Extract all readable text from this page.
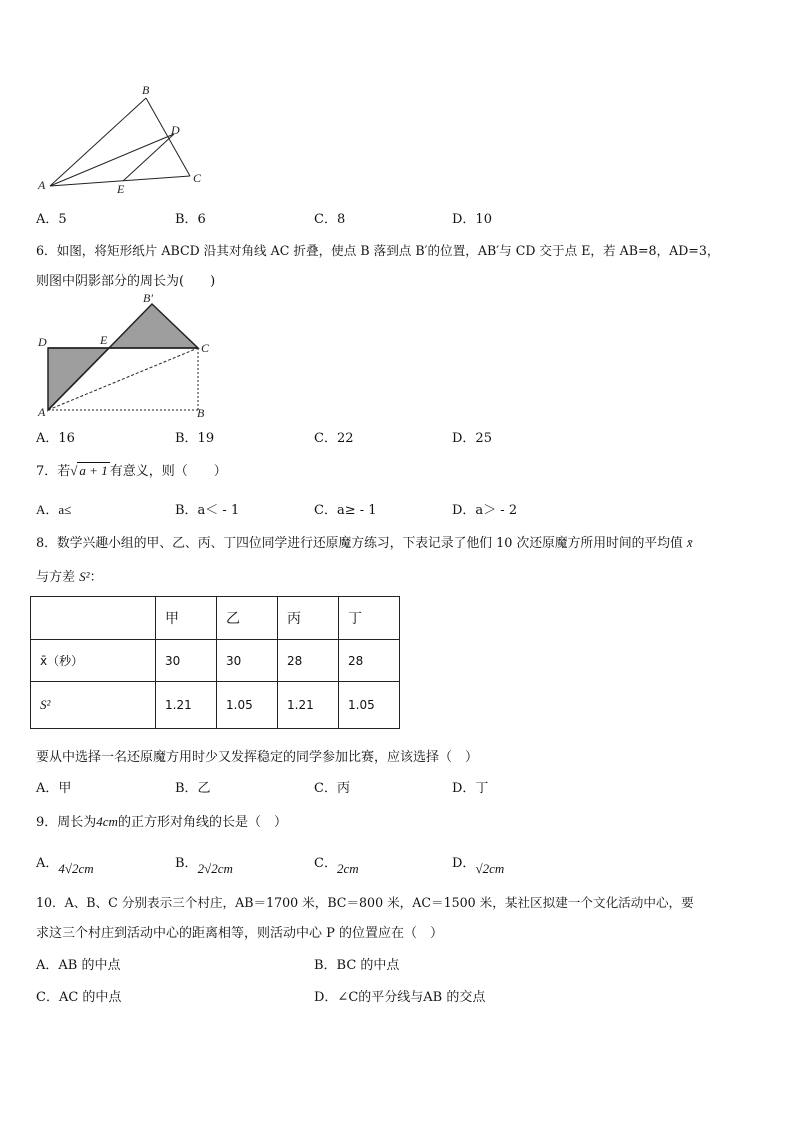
A
B
C
D
E
A．5	B．6	C．8	D．10
6．如图，将矩形纸片 ABCD 沿其对角线 AC 折叠，使点 B 落到点 B′的位置，AB′与 CD 交于点 E，若 AB=8，AD=3，
则图中阴影部分的周长为(　　)
D	E
B′
C
A	B
A．16	B．19	C．22	D．25
7．若√ a + 1 有意义，则（　　）
A．a≤	B．a＜ - 1	C．a≥ - 1	D．a＞ - 2
8．数学兴趣小组的甲、乙、丙、丁四位同学进行还原魔方练习，下表记录了他们 10 次还原魔方所用时间的平均值 x̄
与方差 S²：
	甲	乙	丙	丁
x̄（秒）	30	30	28	28
S²	1.21	1.05	1.21	1.05
要从中选择一名还原魔方用时少又发挥稳定的同学参加比赛，应该选择（　）
A．甲	B．乙	C．丙	D．丁
9．周长为4cm的正方形对角线的长是（　）
A．4√2cm	B．2√2cm	C．2cm	D．√2cm
10．A、B、C 分别表示三个村庄，AB＝1700 米，BC＝800 米，AC＝1500 米，某社区拟建一个文化活动中心，要
求这三个村庄到活动中心的距离相等，则活动中心 P 的位置应在（　）
A．AB 的中点	B．BC 的中点
C．AC 的中点	D．∠C的平分线与AB 的交点
